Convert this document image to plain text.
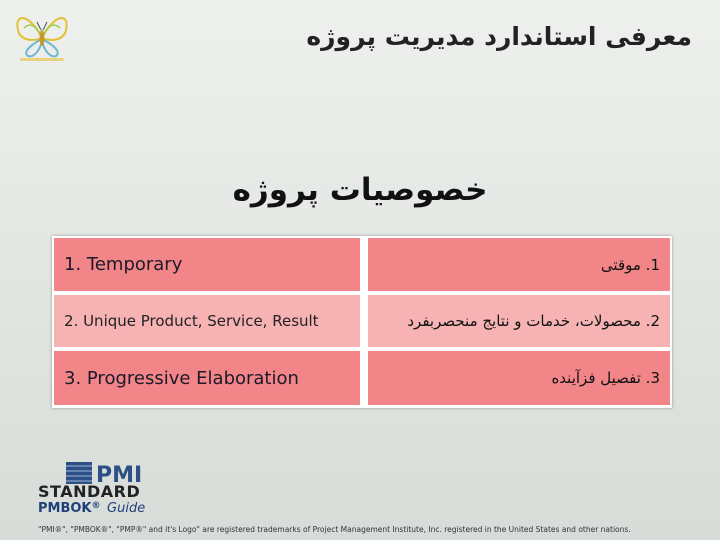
معرفی استاندارد مدیریت پروژه
خصوصیات پروژه
1. Temporary	1. موقتی
2. Unique Product, Service, Result	2. محصولات، خدمات و نتایج منحصربفرد
3. Progressive Elaboration	3. تفصیل فزآینده
PMI
STANDARD
PMBOK® Guide
"PMI®", "PMBOK®", "PMP®" and it's Logo" are registered trademarks of Project Management Institute, Inc. registered in the United States and other nations.
